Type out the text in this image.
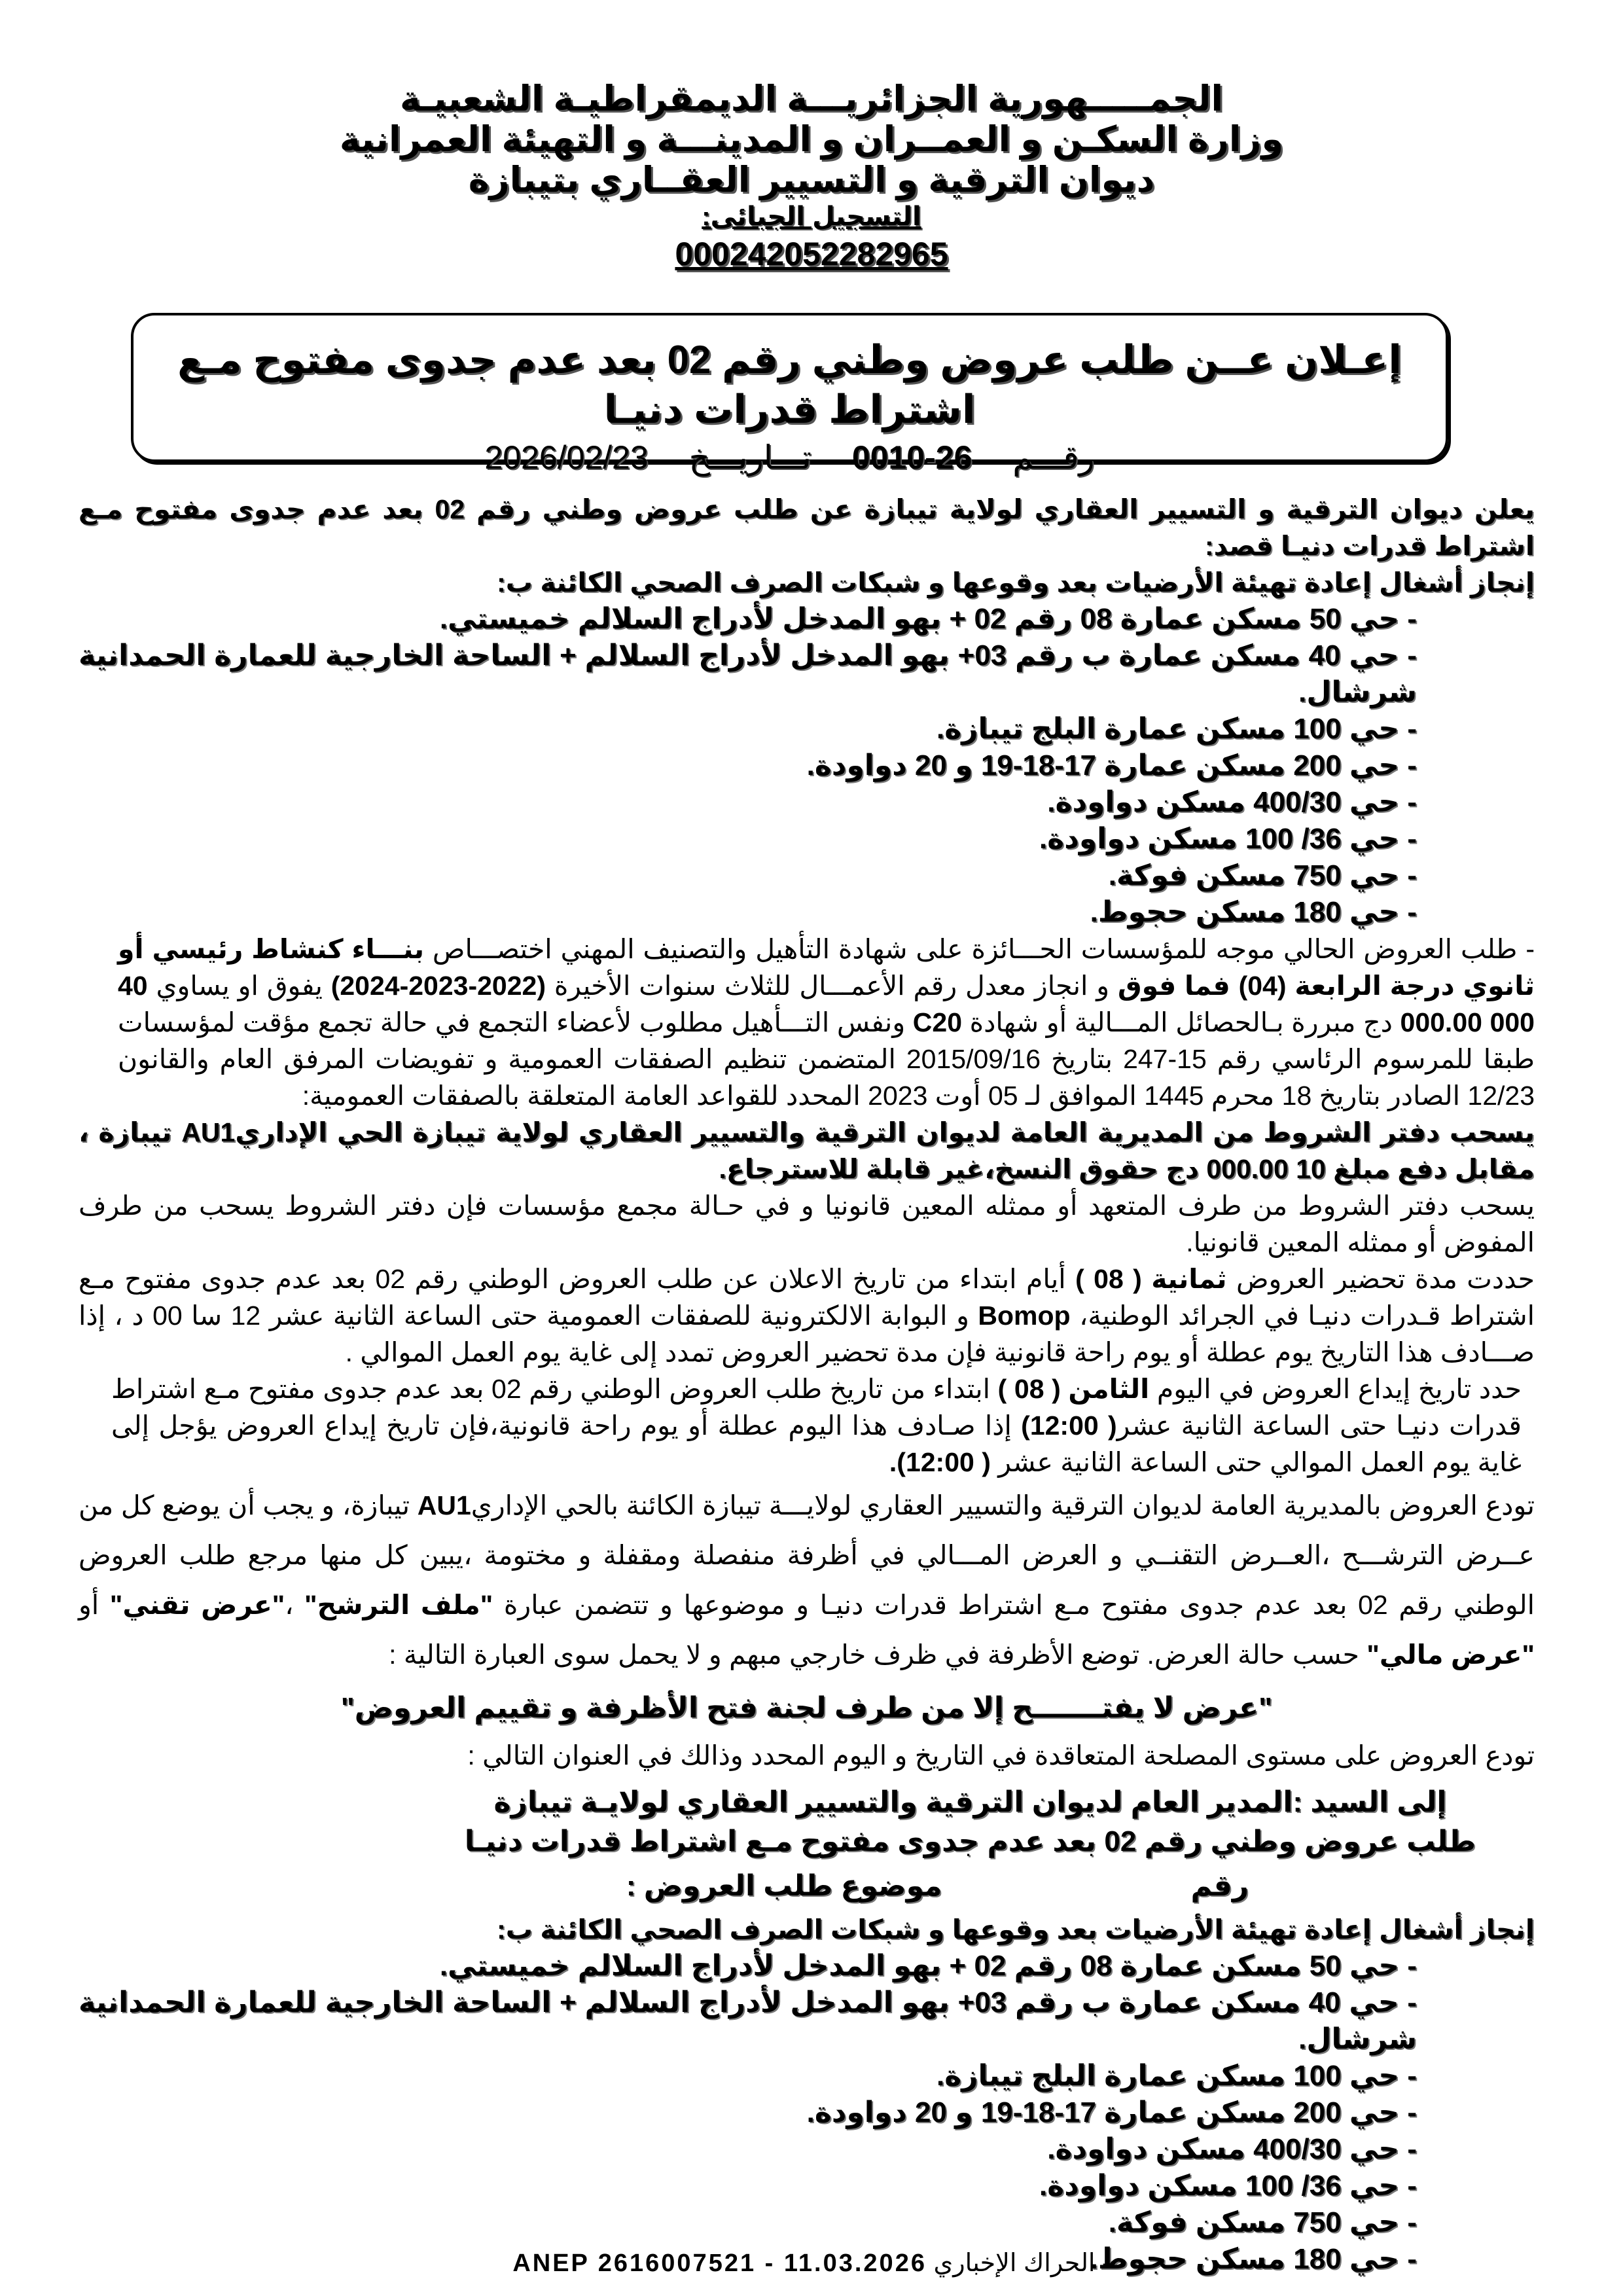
الجمـــــهورية الجزائريـــة الديمقراطيـة الشعبيـة
وزارة السكـن و العمــران و المدينـــة و التهيئة العمرانية
ديوان الترقية و التسيير العقــاري بتيبازة
التسجيل الجبائى:
000242052282965
إعـلان عــن طلب عروض وطني رقم 02 بعد عدم جدوى مفتوح مـع اشتراط قدرات دنيـا
رقـــم 26-0010 تـــاريـــخ 2026/02/23

يعلن ديوان الترقية و التسيير العقاري لولاية تيبازة عن طلب عروض وطني رقم 02 بعد عدم جدوى مفتوح مـع اشتراط قدرات دنيـا قصد:

إنجاز أشغال إعادة تهيئة الأرضيات بعد وقوعها و شبكات الصرف الصحي الكائنة ب:

- حي 50 مسكن عمارة 08 رقم 02 + بهو المدخل لأدراج السلالم خميستي.
- حي 40 مسكن عمارة ب رقم 03+ بهو المدخل لأدراج السلالم + الساحة الخارجية للعمارة الحمدانية شرشال.
- حي 100 مسكن عمارة البلج تيبازة.
- حي 200 مسكن عمارة 17-18-19 و 20 دواودة.
- حي 400/30 مسكن دواودة.
- حي 36/ 100 مسكن دواودة.
- حي 750 مسكن فوكة.
- حي 180 مسكن حجوط.

- طلب العروض الحالي موجه للمؤسسات الحـــائزة على شهادة التأهيل والتصنيف المهني اختصـــاص بنـــاء كنشاط رئيسي أو ثانوي درجة الرابعة (04) فما فوق و انجاز معدل رقم الأعمـــال للثلاث سنوات الأخيرة (2022-2023-2024) يفوق او يساوي 40 000 000.00 دج مبررة بـالحصائل المـــالية أو شهادة C20 ونفس التـــأهيل مطلوب لأعضاء التجمع في حالة تجمع مؤقت لمؤسسات طبقا للمرسوم الرئاسي رقم 15-247 بتاريخ 2015/09/16 المتضمن تنظيم الصفقات العمومية و تفويضات المرفق العام والقانون 12/23 الصادر بتاريخ 18 محرم 1445 الموافق لـ 05 أوت 2023 المحدد للقواعد العامة المتعلقة بالصفقات العمومية:

يسحب دفتر الشروط من المديرية العامة لديوان الترقية والتسيير العقاري لولاية تيبازة الحي الإداريAU1 تيبازة ، مقابل دفع مبلغ 10 000.00 دج حقوق النسخ،غير قابلة للاسترجاع.

يسحب دفتر الشروط من طرف المتعهد أو ممثله المعين قانونيا و في حـالة مجمع مؤسسات فإن دفتر الشروط يسحب من طرف المفوض أو ممثله المعين قانونيا.

حددت مدة تحضير العروض ثمانية ( 08 ) أيام ابتداء من تاريخ الاعلان عن طلب العروض الوطني رقم 02 بعد عدم جدوى مفتوح مـع اشتراط قـدرات دنيـا في الجرائد الوطنية، Bomop و البوابة الالكترونية للصفقات العمومية حتى الساعة الثانية عشر 12 سا 00 د ، إذا صـــادف هذا التاريخ يوم عطلة أو يوم راحة قانونية فإن مدة تحضير العروض تمدد إلى غاية يوم العمل الموالي .

حدد تاريخ إيداع العروض في اليوم الثامن ( 08 ) ابتداء من تاريخ طلب العروض الوطني رقم 02 بعد عدم جدوى مفتوح مـع اشتراط قدرات دنيـا حتى الساعة الثانية عشر( 12:00) إذا صـادف هذا اليوم عطلة أو يوم راحة قانونية،فإن تاريخ إيداع العروض يؤجل إلى غاية يوم العمل الموالي حتى الساعة الثانية عشر ( 12:00).

تودع العروض بالمديرية العامة لديوان الترقية والتسيير العقاري لولايـــة تيبازة الكائنة بالحي الإداريAU1 تيبازة، و يجب أن يوضع كل من عــرض الترشـــح ،العــرض التقنــي و العرض المـــالي في أظرفة منفصلة ومقفلة و مختومة ،يبين كل منها مرجع طلب العروض الوطني رقم 02 بعد عدم جدوى مفتوح مـع اشتراط قدرات دنيـا و موضوعها و تتضمن عبارة "ملف الترشح" ،"عرض تقني" أو "عرض مالي" حسب حالة العرض. توضع الأظرفة في ظرف خارجي مبهم و لا يحمل سوى العبارة التالية :

"عرض لا يفتـــــــح إلا من طرف لجنة فتح الأظرفة و تقييم العروض"

تودع العروض على مستوى المصلحة المتعاقدة في التاريخ و اليوم المحدد وذالك في العنوان التالي :

إلى السيد :المدير العام لديوان الترقية والتسيير العقاري لولايـة تيبازة
طلب عروض وطني رقم 02 بعد عدم جدوى مفتوح مـع اشتراط قدرات دنيـا
رقم
موضوع طلب العروض :

إنجاز أشغال إعادة تهيئة الأرضيات بعد وقوعها و شبكات الصرف الصحي الكائنة ب:

- حي 50 مسكن عمارة 08 رقم 02 + بهو المدخل لأدراج السلالم خميستي.
- حي 40 مسكن عمارة ب رقم 03+ بهو المدخل لأدراج السلالم + الساحة الخارجية للعمارة الحمدانية شرشال.
- حي 100 مسكن عمارة البلج تيبازة.
- حي 200 مسكن عمارة 17-18-19 و 20 دواودة.
- حي 400/30 مسكن دواودة.
- حي 36/ 100 مسكن دواودة.
- حي 750 مسكن فوكة.
- حي 180 مسكن حجوط.
ANEP 2616007521 - 11.03.2026 - الحراك الإخباري
